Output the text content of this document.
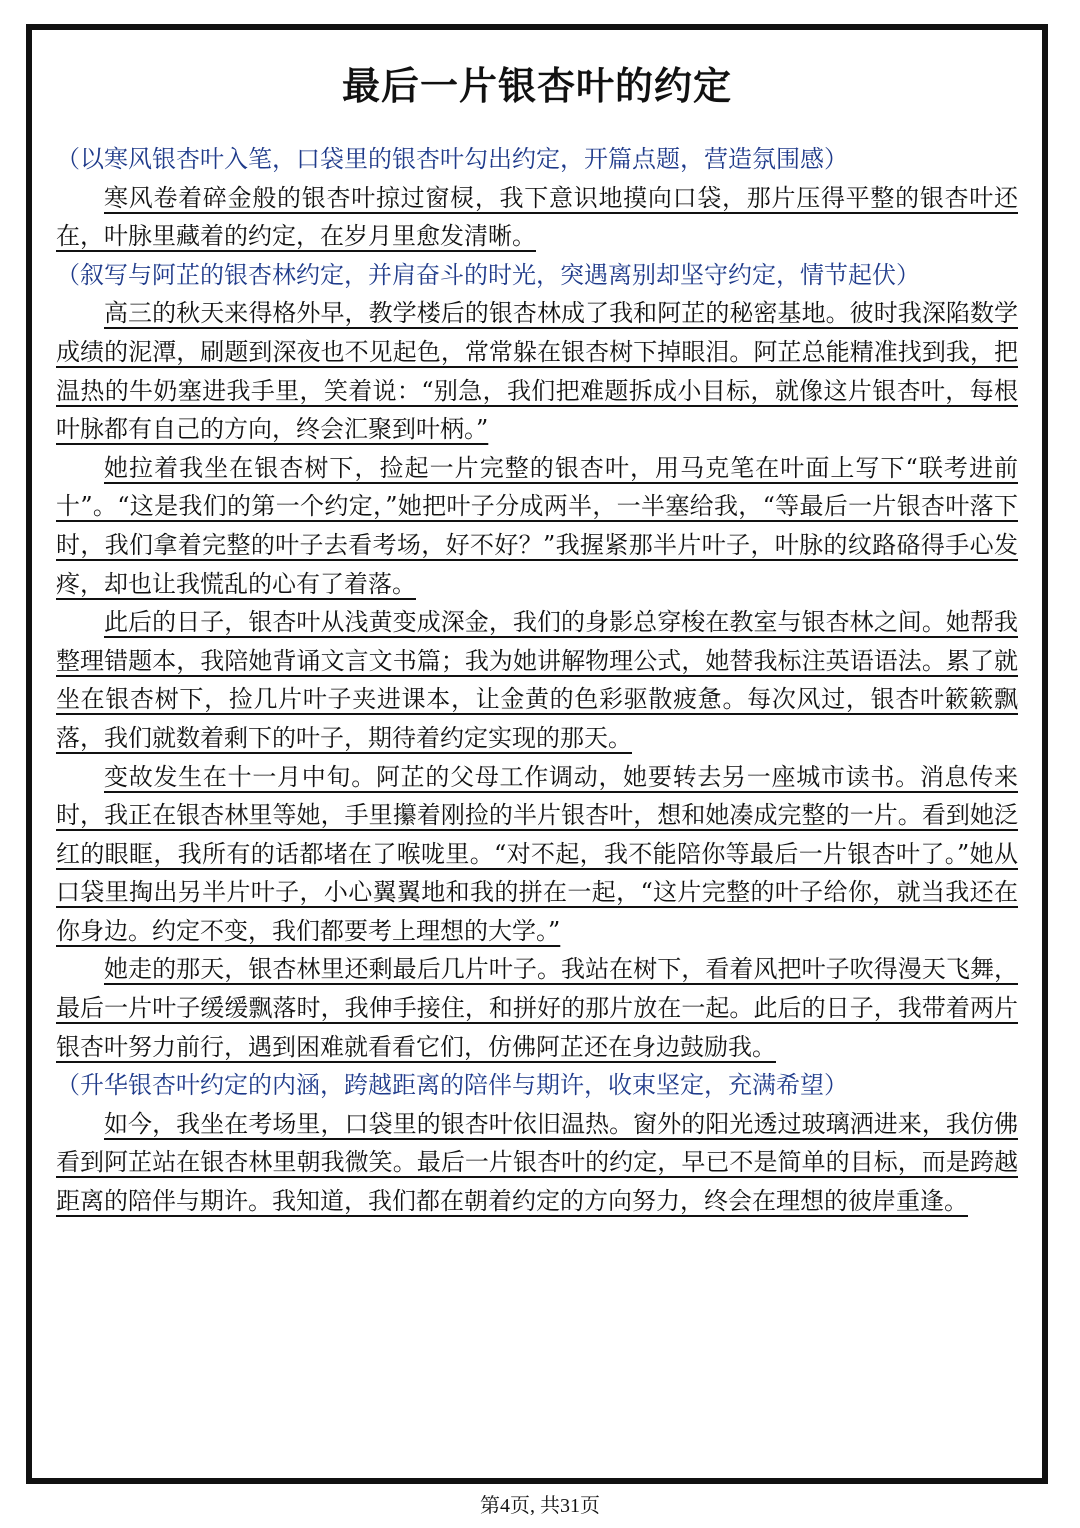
最后一片银杏叶的约定
（以寒风银杏叶入笔，口袋里的银杏叶勾出约定，开篇点题，营造氛围感）
寒风卷着碎金般的银杏叶掠过窗棂，我下意识地摸向口袋，那片压得平整的银杏叶还在，叶脉里藏着的约定，在岁月里愈发清晰。
（叙写与阿芷的银杏林约定，并肩奋斗的时光，突遇离别却坚守约定，情节起伏）
高三的秋天来得格外早，教学楼后的银杏林成了我和阿芷的秘密基地。彼时我深陷数学成绩的泥潭，刷题到深夜也不见起色，常常躲在银杏树下掉眼泪。阿芷总能精准找到我，把温热的牛奶塞进我手里，笑着说：“别急，我们把难题拆成小目标，就像这片银杏叶，每根叶脉都有自己的方向，终会汇聚到叶柄。”
她拉着我坐在银杏树下，捡起一片完整的银杏叶，用马克笔在叶面上写下“联考进前十”。“这是我们的第一个约定，”她把叶子分成两半，一半塞给我，“等最后一片银杏叶落下时，我们拿着完整的叶子去看考场，好不好？”我握紧那半片叶子，叶脉的纹路硌得手心发疼，却也让我慌乱的心有了着落。
此后的日子，银杏叶从浅黄变成深金，我们的身影总穿梭在教室与银杏林之间。她帮我整理错题本，我陪她背诵文言文书篇；我为她讲解物理公式，她替我标注英语语法。累了就坐在银杏树下，捡几片叶子夹进课本，让金黄的色彩驱散疲惫。每次风过，银杏叶簌簌飘落，我们就数着剩下的叶子，期待着约定实现的那天。
变故发生在十一月中旬。阿芷的父母工作调动，她要转去另一座城市读书。消息传来时，我正在银杏林里等她，手里攥着刚捡的半片银杏叶，想和她凑成完整的一片。看到她泛红的眼眶，我所有的话都堵在了喉咙里。“对不起，我不能陪你等最后一片银杏叶了。”她从口袋里掏出另半片叶子，小心翼翼地和我的拼在一起，“这片完整的叶子给你，就当我还在你身边。约定不变，我们都要考上理想的大学。”
她走的那天，银杏林里还剩最后几片叶子。我站在树下，看着风把叶子吹得漫天飞舞，最后一片叶子缓缓飘落时，我伸手接住，和拼好的那片放在一起。此后的日子，我带着两片银杏叶努力前行，遇到困难就看看它们，仿佛阿芷还在身边鼓励我。
（升华银杏叶约定的内涵，跨越距离的陪伴与期许，收束坚定，充满希望）
如今，我坐在考场里，口袋里的银杏叶依旧温热。窗外的阳光透过玻璃洒进来，我仿佛看到阿芷站在银杏林里朝我微笑。最后一片银杏叶的约定，早已不是简单的目标，而是跨越距离的陪伴与期许。我知道，我们都在朝着约定的方向努力，终会在理想的彼岸重逢。
第4页, 共31页
